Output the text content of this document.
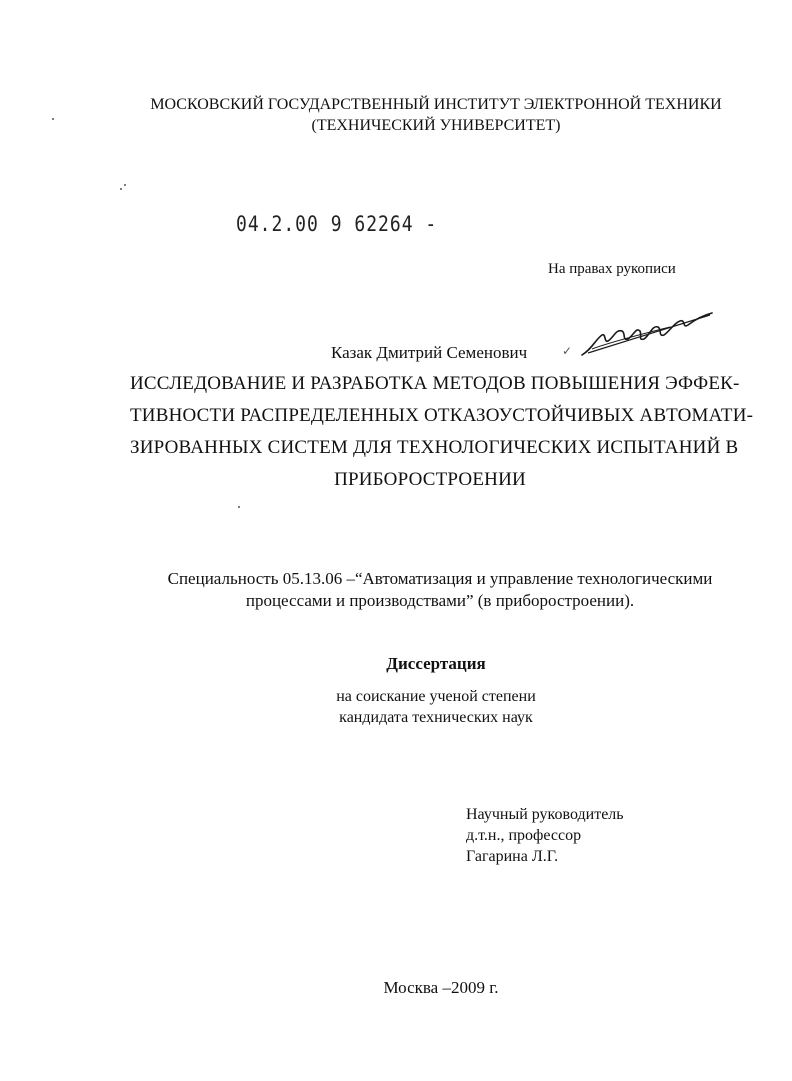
МОСКОВСКИЙ ГОСУДАРСТВЕННЫЙ ИНСТИТУТ ЭЛЕКТРОННОЙ ТЕХНИКИ
(ТЕХНИЧЕСКИЙ УНИВЕРСИТЕТ)
04.2.00 9 62264 -
На правах рукописи
Казак Дмитрий Семенович	✓
ИССЛЕДОВАНИЕ И РАЗРАБОТКА МЕТОДОВ ПОВЫШЕНИЯ ЭФФЕК-
ТИВНОСТИ РАСПРЕДЕЛЕННЫХ ОТКАЗОУСТОЙЧИВЫХ АВТОМАТИ-
ЗИРОВАННЫХ СИСТЕМ ДЛЯ ТЕХНОЛОГИЧЕСКИХ ИСПЫТАНИЙ В
ПРИБОРОСТРОЕНИИ
Специальность 05.13.06 –“Автоматизация и управление технологическими
процессами и производствами” (в приборостроении).
Диссертация
на соискание ученой степени
кандидата технических наук
Научный руководитель
д.т.н., профессор
Гагарина Л.Г.
Москва –2009 г.
